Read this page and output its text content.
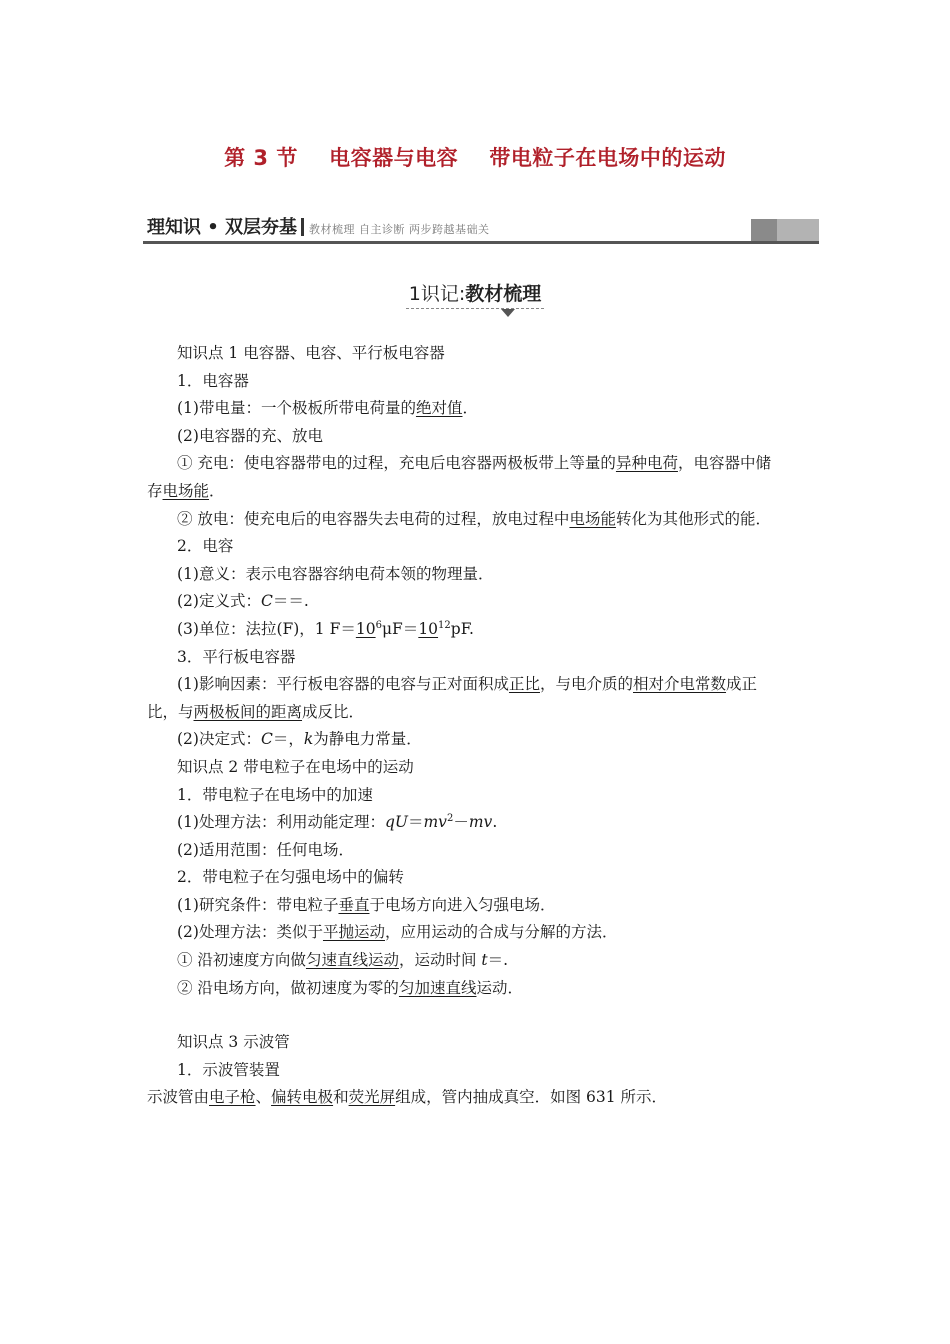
第 3 节    电容器与电容    带电粒子在电场中的运动
理知识 • 双层夯基 教材梳理 自主诊断 两步跨越基础关
1识记:教材梳理
知识点 1 电容器、电容、平行板电容器
1．电容器
(1)带电量：一个极板所带电荷量的绝对值．
(2)电容器的充、放电
① 充电：使电容器带电的过程，充电后电容器两极板带上等量的异种电荷，电容器中储
存电场能．
② 放电：使充电后的电容器失去电荷的过程，放电过程中电场能转化为其他形式的能．
2．电容
(1)意义：表示电容器容纳电荷本领的物理量．
(2)定义式：C＝＝.
(3)单位：法拉(F)，1 $F=10^6\mu F=10^{12}pF$.
3．平行板电容器
(1)影响因素：平行板电容器的电容与正对面积成正比，与电介质的相对介电常数成正
比，与两极板间的距离成反比．
(2)决定式：C＝，k为静电力常量．
知识点 2 带电粒子在电场中的运动
1．带电粒子在电场中的加速
(1)处理方法：利用动能定理：$qU=mv^2-mv$.
(2)适用范围：任何电场．
2．带电粒子在匀强电场中的偏转
(1)研究条件：带电粒子垂直于电场方向进入匀强电场．
(2)处理方法：类似于平抛运动，应用运动的合成与分解的方法．
① 沿初速度方向做匀速直线运动，运动时间 t＝.
② 沿电场方向，做初速度为零的匀加速直线运动．
知识点 3 示波管
1．示波管装置
示波管由电子枪、偏转电极和荧光屏组成，管内抽成真空．如图 631 所示．
